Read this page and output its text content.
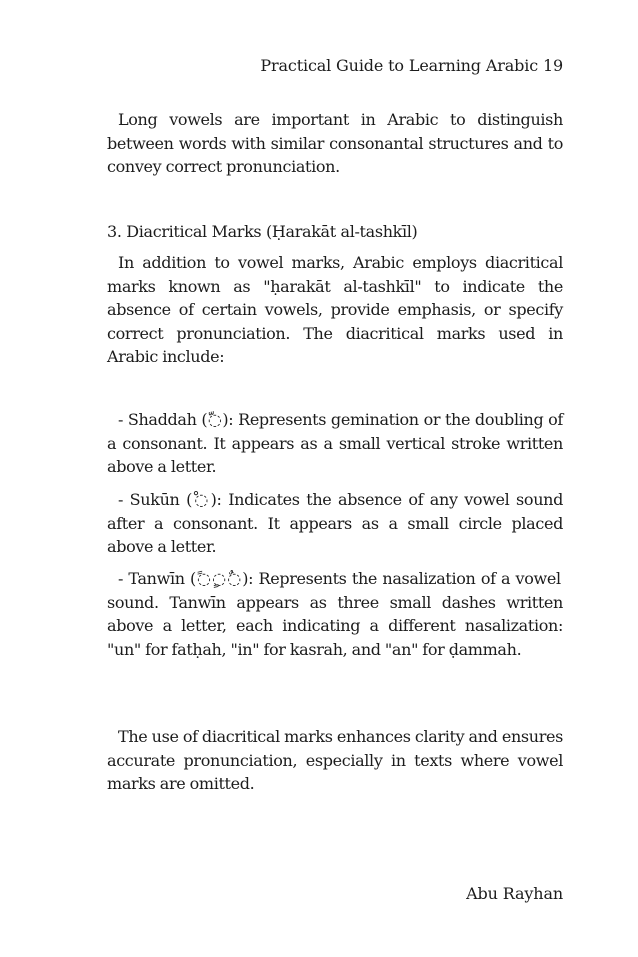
Practical Guide to Learning Arabic 19

Long vowels are important in Arabic to distinguish between words with similar consonantal structures and to convey correct pronunciation.

3. Diacritical Marks (Ḥarakāt al-tashkīl)

In addition to vowel marks, Arabic employs diacritical marks known as "ḥarakāt al-tashkīl" to indicate the absence of certain vowels, provide emphasis, or specify correct pronunciation. The diacritical marks used in Arabic include:

- Shaddah (◌ّ): Represents gemination or the doubling of a consonant. It appears as a small vertical stroke written above a letter.

- Sukūn (◌ْ): Indicates the absence of any vowel sound after a consonant. It appears as a small circle placed above a letter.

- Tanwīn (◌ً◌ٍ◌ٌ): Represents the nasalization of a vowel sound. Tanwīn appears as three small dashes written above a letter, each indicating a different nasalization: "un" for fatḥah, "in" for kasrah, and "an" for ḍammah.

The use of diacritical marks enhances clarity and ensures accurate pronunciation, especially in texts where vowel marks are omitted.

Abu Rayhan
